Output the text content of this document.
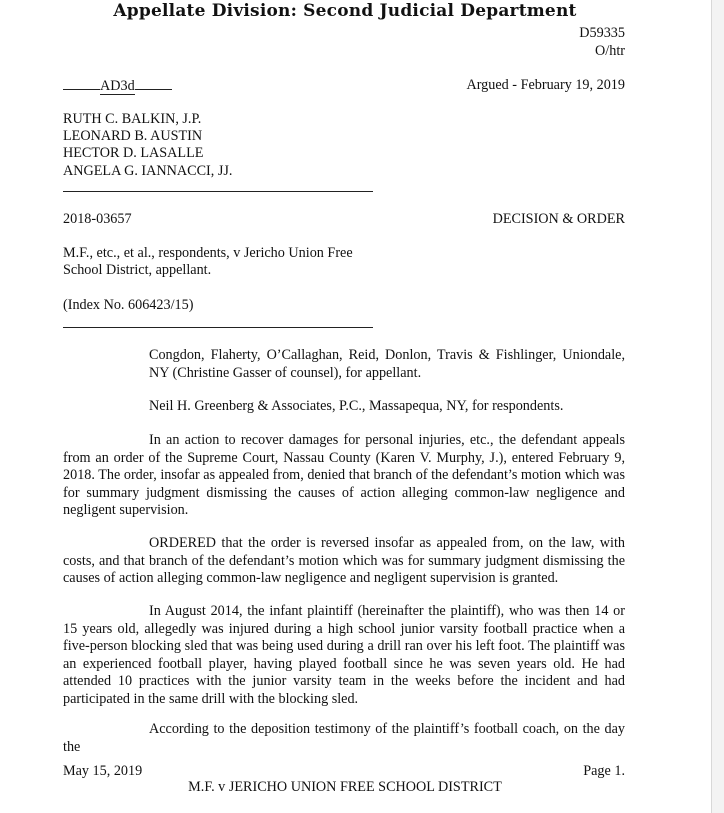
Appellate Division: Second Judicial Department
D59335
O/htr
AD3d	Argued - February 19, 2019
RUTH C. BALKIN, J.P.
LEONARD B. AUSTIN
HECTOR D. LASALLE
ANGELA G. IANNACCI, JJ.
2018-03657	DECISION & ORDER
M.F., etc., et al., respondents, v Jericho Union Free
School District, appellant.
(Index No. 606423/15)
Congdon, Flaherty, O’Callaghan, Reid, Donlon, Travis & Fishlinger, Uniondale, NY (Christine Gasser of counsel), for appellant.
Neil H. Greenberg & Associates, P.C., Massapequa, NY, for respondents.
In an action to recover damages for personal injuries, etc., the defendant appeals from an order of the Supreme Court, Nassau County (Karen V. Murphy, J.), entered February 9, 2018. The order, insofar as appealed from, denied that branch of the defendant’s motion which was for summary judgment dismissing the causes of action alleging common-law negligence and negligent supervision.
ORDERED that the order is reversed insofar as appealed from, on the law, with costs, and that branch of the defendant’s motion which was for summary judgment dismissing the causes of action alleging common-law negligence and negligent supervision is granted.
In August 2014, the infant plaintiff (hereinafter the plaintiff), who was then 14 or 15 years old, allegedly was injured during a high school junior varsity football practice when a five-person blocking sled that was being used during a drill ran over his left foot. The plaintiff was an experienced football player, having played football since he was seven years old. He had attended 10 practices with the junior varsity team in the weeks before the incident and had participated in the same drill with the blocking sled.
According to the deposition testimony of the plaintiff’s football coach, on the day the
May 15, 2019	Page 1.
M.F. v JERICHO UNION FREE SCHOOL DISTRICT
